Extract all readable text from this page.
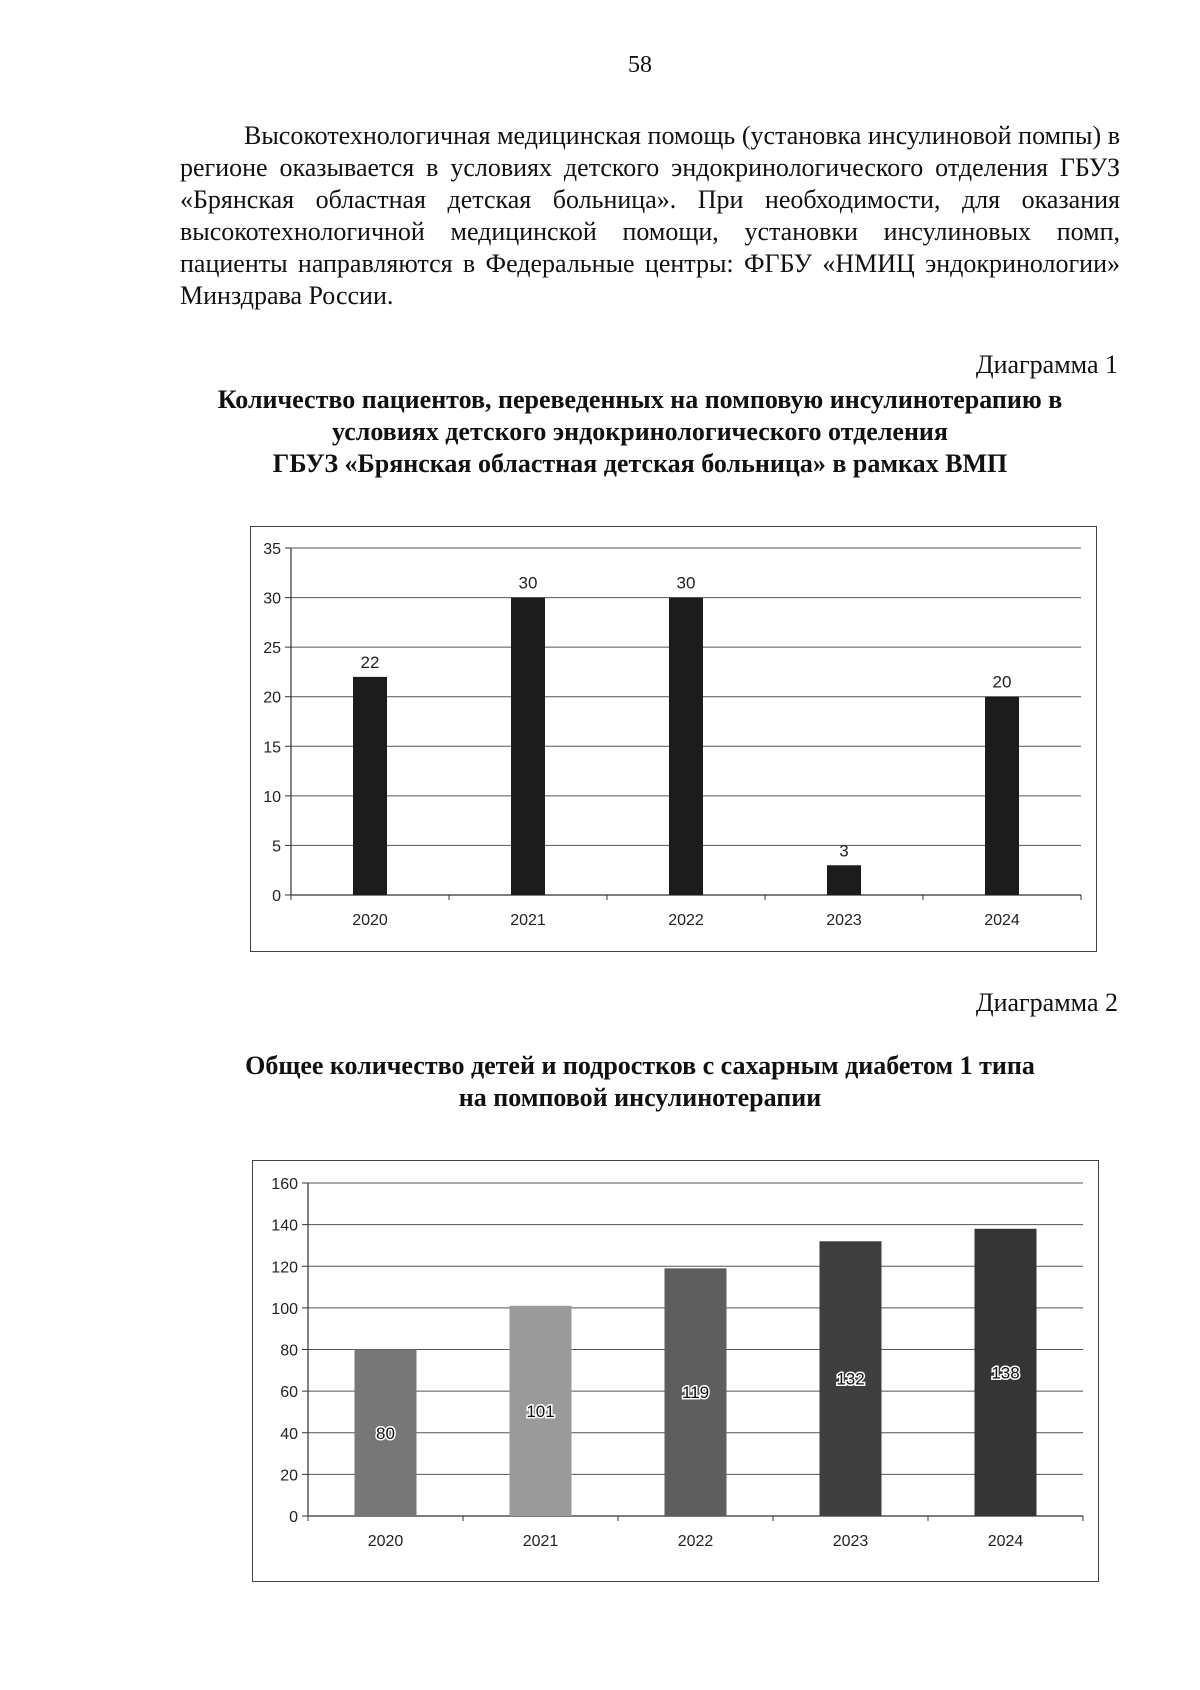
58

Высокотехнологичная медицинская помощь (установка инсулиновой помпы) в регионе оказывается в условиях детского эндокринологического отделения ГБУЗ «Брянская областная детская больница». При необходимости, для оказания высокотехнологичной медицинской помощи, установки инсулиновых помп, пациенты направляются в Федеральные центры: ФГБУ «НМИЦ эндокринологии» Минздрава России.

Диаграмма 1
Количество пациентов, переведенных на помповую инсулинотерапию в
условиях детского эндокринологического отделения
ГБУЗ «Брянская областная детская больница» в рамках ВМП
0
5
10
15
20
25
30
35
22
2020
30
2021
30
2022
3
2023
20
2024
Диаграмма 2
Общее количество детей и подростков с сахарным диабетом 1 типа
на помповой инсулинотерапии
0
20
40
60
80
100
120
140
160
80
2020
101
2021
119
2022
132
2023
138
2024
